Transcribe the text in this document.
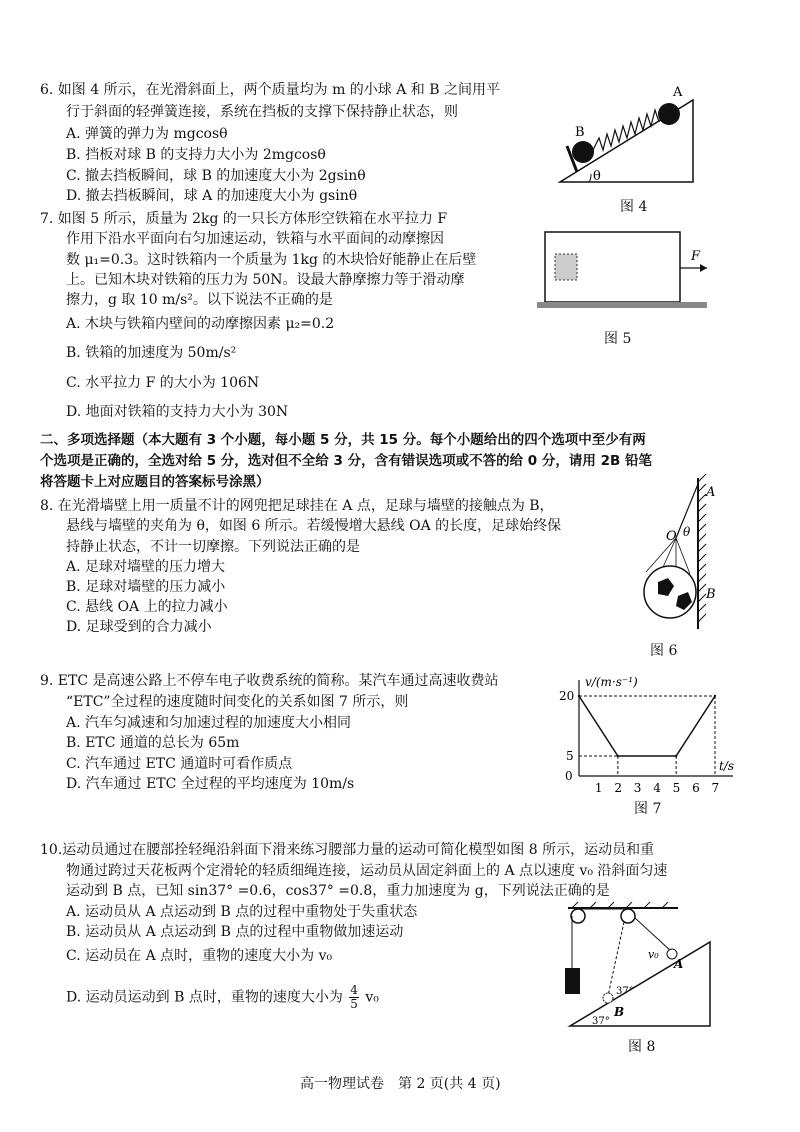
6. 如图 4 所示，在光滑斜面上，两个质量均为 m 的小球 A 和 B 之间用平
行于斜面的轻弹簧连接，系统在挡板的支撑下保持静止状态，则
A. 弹簧的弹力为 mgcosθ
B. 挡板对球 B 的支持力大小为 2mgcosθ
C. 撤去挡板瞬间，球 B 的加速度大小为 2gsinθ
D. 撤去挡板瞬间，球 A 的加速度大小为 gsinθ
A
B
θ
图 4
7. 如图 5 所示，质量为 2kg 的一只长方体形空铁箱在水平拉力 F
作用下沿水平面向右匀加速运动，铁箱与水平面间的动摩擦因
数 μ₁=0.3。这时铁箱内一个质量为 1kg 的木块恰好能静止在后壁
上。已知木块对铁箱的压力为 50N。设最大静摩擦力等于滑动摩
擦力，g 取 10 m/s²。以下说法不正确的是
A. 木块与铁箱内壁间的动摩擦因素 μ₂=0.2
B. 铁箱的加速度为 50m/s²
C. 水平拉力 F 的大小为 106N
D. 地面对铁箱的支持力大小为 30N
F
图 5
二、多项选择题（本大题有 3 个小题，每小题 5 分，共 15 分。每个小题给出的四个选项中至少有两
个选项是正确的，全选对给 5 分，选对但不全给 3 分，含有错误选项或不答的给 0 分，请用 2B 铅笔
将答题卡上对应题目的答案标号涂黑）
8. 在光滑墙壁上用一质量不计的网兜把足球挂在 A 点，足球与墙壁的接触点为 B，
悬线与墙壁的夹角为 θ，如图 6 所示。若缓慢增大悬线 OA 的长度，足球始终保
持静止状态，不计一切摩擦。下列说法正确的是
A. 足球对墙壁的压力增大
B. 足球对墙壁的压力减小
C. 悬线 OA 上的拉力减小
D. 足球受到的合力减小
A
B
O θ
图 6
9. ETC 是高速公路上不停车电子收费系统的简称。某汽车通过高速收费站
“ETC”全过程的速度随时间变化的关系如图 7 所示，则
A. 汽车匀减速和匀加速过程的加速度大小相同
B. ETC 通道的总长为 65m
C. 汽车通过 ETC 通道时可看作质点
D. 汽车通过 ETC 全过程的平均速度为 10m/s	0
1 2 3 4 5 6 7
5
20
v/(m·s⁻¹)
t/s
图 7
10.运动员通过在腰部拴轻绳沿斜面下滑来练习腰部力量的运动可简化模型如图 8 所示，运动员和重
物通过跨过天花板两个定滑轮的轻质细绳连接，运动员从固定斜面上的 A 点以速度 v₀ 沿斜面匀速
运动到 B 点，已知 sin37° =0.6，cos37° =0.8，重力加速度为 g，下列说法正确的是
A. 运动员从 A 点运动到 B 点的过程中重物处于失重状态
B. 运动员从 A 点运动到 B 点的过程中重物做加速运动
C. 运动员在 A 点时，重物的速度大小为 v₀
D. 运动员运动到 B 点时，重物的速度大小为 $\frac{4}{5} v_0$
A
B
v₀
37°
37°
图 8
高一物理试卷　第 2 页(共 4 页)
